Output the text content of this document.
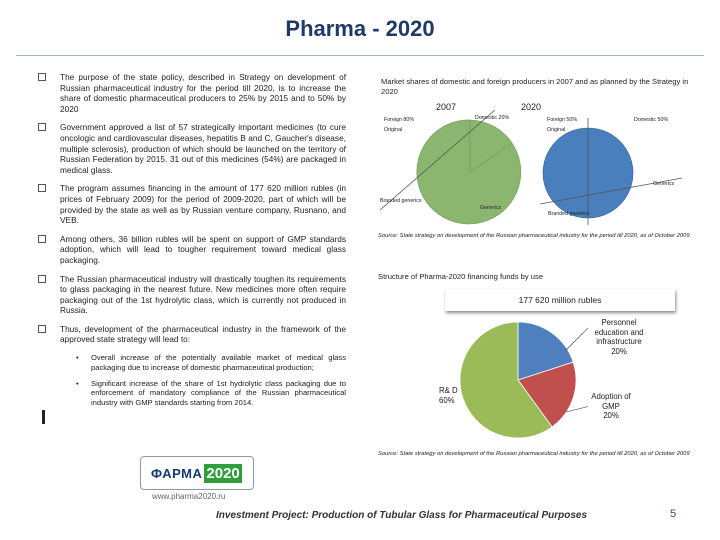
Pharma - 2020
The purpose of the state policy, described in Strategy on development of Russian pharmaceutical industry for the period till 2020, is to increase the share of domestic pharmaceutical producers to 25% by 2015 and to 50% by 2020
Government approved a list of 57 strategically important medicines (to cure oncologic and cardiovascular diseases, hepatitis B and C, Gaucher's disease, multiple sclerosis), production of which should be launched on the territory of Russian Federation by 2015. 31 out of this medicines (54%) are packaged in medical glass.
The program assumes financing in the amount of 177 620 million rubles (in prices of February 2009) for the period of 2009-2020, part of which will be provided by the state as well as by Russian venture company, Rusnano, and VEB.
Among others, 36 billion rubles will be spent on support of GMP standards adoption, which will lead to tougher requirement toward medical glass packaging.
The Russian pharmaceutical industry will drastically toughen its requirements to glass packaging in the nearest future. New medicines more often require packaging out of the 1st hydrolytic class, which is currently not produced in Russia.
Thus, development of the pharmaceutical industry in the framework of the approved state strategy will lead to:
• Overall increase of the potentially available market of medical glass packaging due to increase of domestic pharmaceutical production;
• Significant increase of the share of 1st hydrolytic class packaging due to enforcement of mandatory compliance of the Russian pharmaceutical industry with GMP standards starting from 2014.
Market shares of domestic and foreign producers in 2007 and as planned by the Strategy in 2020
2007	2020
Foreign 80%	Domestic 20%
Original
Branded generics
Generics
Foreign 50%	Domestic 50%
Original
Generics
Branded generics
Source: State strategy on development of the Russian pharmaceutical industry for the period till 2020, as of October 2009
Structure of Pharma-2020 financing funds by use
177 620 million rubles
Personnel education and infrastructure
20%
Adoption of GMP
20%
R& D
60%
Source: State strategy on development of the Russian pharmaceutical industry for the period till 2020, as of October 2009
ФАРМА 2020
www.pharma2020.ru
Investment Project: Production of Tubular Glass for Pharmaceutical Purposes	5
